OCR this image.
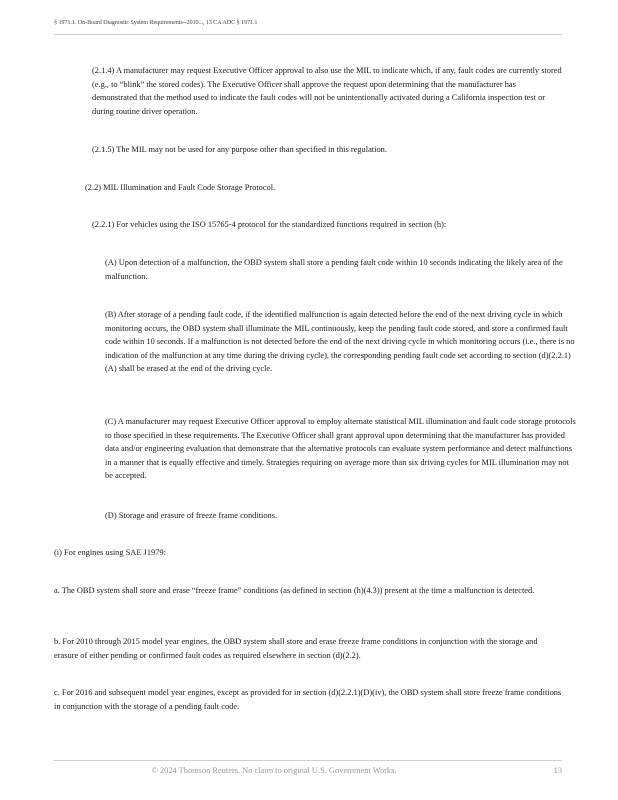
§ 1971.1. On-Board Diagnostic System Requirements--2010..., 13 CA ADC § 1971.1

(2.1.4) A manufacturer may request Executive Officer approval to also use the MIL to indicate which, if any, fault codes are currently stored (e.g., to “blink” the stored codes). The Executive Officer shall approve the request upon determining that the manufacturer has demonstrated that the method used to indicate the fault codes will not be unintentionally activated during a California inspection test or during routine driver operation.

(2.1.5) The MIL may not be used for any purpose other than specified in this regulation.

(2.2) MIL Illumination and Fault Code Storage Protocol.

(2.2.1) For vehicles using the ISO 15765-4 protocol for the standardized functions required in section (h):

(A) Upon detection of a malfunction, the OBD system shall store a pending fault code within 10 seconds indicating the likely area of the malfunction.

(B) After storage of a pending fault code, if the identified malfunction is again detected before the end of the next driving cycle in which monitoring occurs, the OBD system shall illuminate the MIL continuously, keep the pending fault code stored, and store a confirmed fault code within 10 seconds. If a malfunction is not detected before the end of the next driving cycle in which monitoring occurs (i.e., there is no indication of the malfunction at any time during the driving cycle), the corresponding pending fault code set according to section (d)(2.2.1)(A) shall be erased at the end of the driving cycle.

(C) A manufacturer may request Executive Officer approval to employ alternate statistical MIL illumination and fault code storage protocols to those specified in these requirements. The Executive Officer shall grant approval upon determining that the manufacturer has provided data and/or engineering evaluation that demonstrate that the alternative protocols can evaluate system performance and detect malfunctions in a manner that is equally effective and timely. Strategies requiring on average more than six driving cycles for MIL illumination may not be accepted.

(D) Storage and erasure of freeze frame conditions.

(i) For engines using SAE J1979:

a. The OBD system shall store and erase “freeze frame” conditions (as defined in section (h)(4.3)) present at the time a malfunction is detected.

b. For 2010 through 2015 model year engines, the OBD system shall store and erase freeze frame conditions in conjunction with the storage and erasure of either pending or confirmed fault codes as required elsewhere in section (d)(2.2).

c. For 2016 and subsequent model year engines, except as provided for in section (d)(2.2.1)(D)(iv), the OBD system shall store freeze frame conditions in conjunction with the storage of a pending fault code.

© 2024 Thomson Reuters. No claim to original U.S. Government Works.	13
